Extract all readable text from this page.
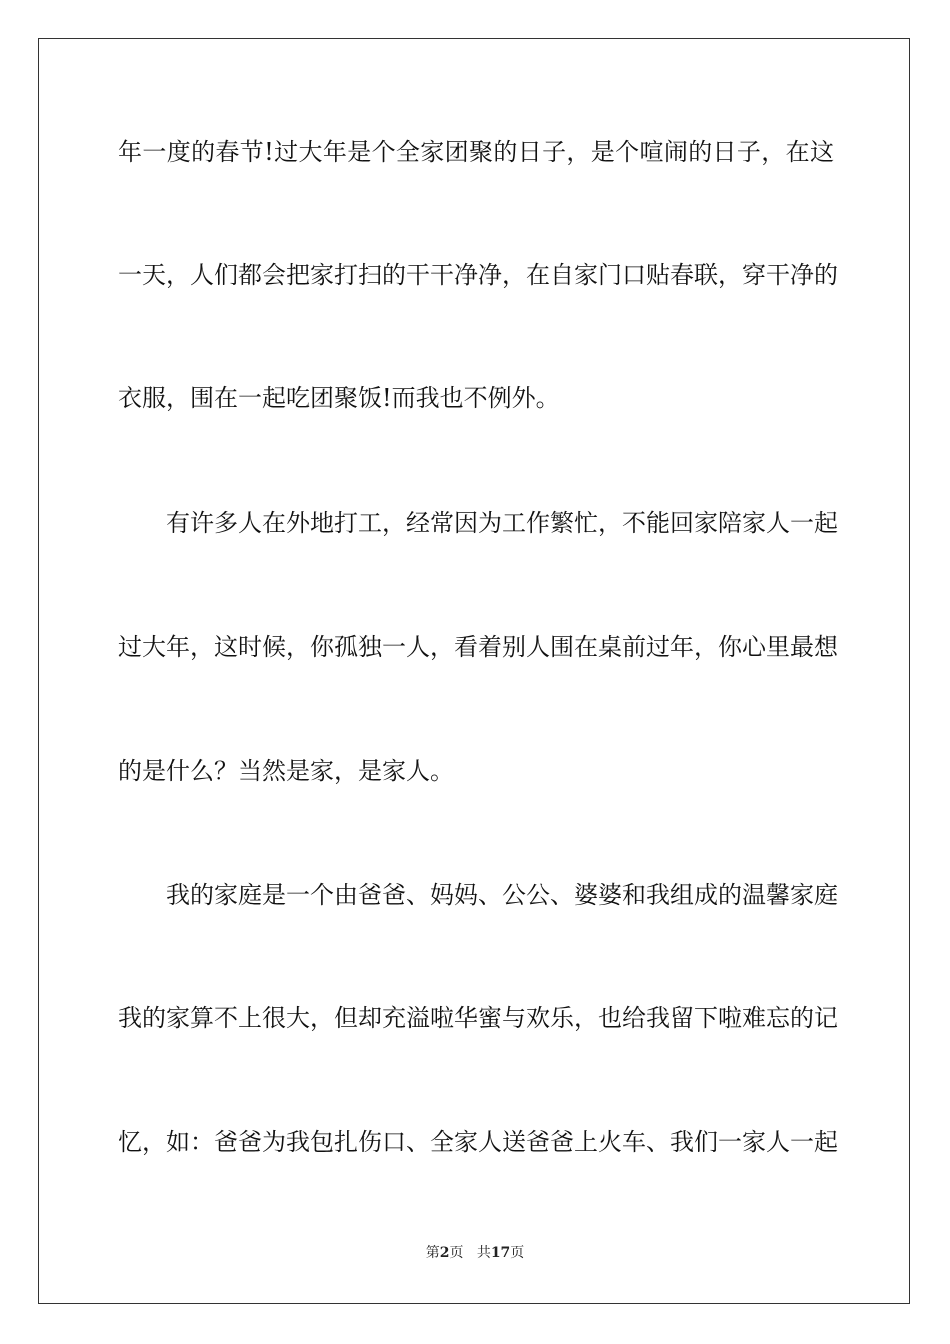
年一度的春节!过大年是个全家团聚的日子，是个喧闹的日子，在这
一天，人们都会把家打扫的干干净净，在自家门口贴春联，穿干净的
衣服，围在一起吃团聚饭!而我也不例外。
有许多人在外地打工，经常因为工作繁忙，不能回家陪家人一起
过大年，这时候，你孤独一人，看着别人围在桌前过年，你心里最想
的是什么？当然是家，是家人。
我的家庭是一个由爸爸、妈妈、公公、婆婆和我组成的温馨家庭
我的家算不上很大，但却充溢啦华蜜与欢乐，也给我留下啦难忘的记
忆，如：爸爸为我包扎伤口、全家人送爸爸上火车、我们一家人一起
第2页 共17页
